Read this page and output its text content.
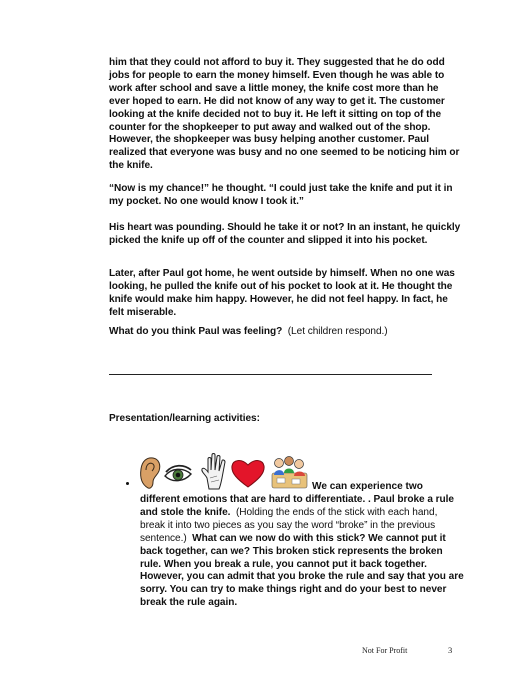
him that they could not afford to buy it. They suggested that he do odd jobs for people to earn the money himself. Even though he was able to work after school and save a little money, the knife cost more than he ever hoped to earn. He did not know of any way to get it. The customer looking at the knife decided not to buy it. He left it sitting on top of the counter for the shopkeeper to put away and walked out of the shop. However, the shopkeeper was busy helping another customer. Paul realized that everyone was busy and no one seemed to be noticing him or the knife.

“Now is my chance!” he thought. “I could just take the knife and put it in my pocket. No one would know I took it.”

His heart was pounding. Should he take it or not? In an instant, he quickly picked the knife up off of the counter and slipped it into his pocket.

Later, after Paul got home, he went outside by himself. When no one was looking, he pulled the knife out of his pocket to look at it. He thought the knife would make him happy. However, he did not feel happy. In fact, he felt miserable.

What do you think Paul was feeling? (Let children respond.)

Presentation/learning activities:

We can experience two

different emotions that are hard to differentiate. . Paul broke a rule and stole the knife. (Holding the ends of the stick with each hand, break it into two pieces as you say the word “broke” in the previous sentence.) What can we now do with this stick? We cannot put it back together, can we? This broken stick represents the broken rule. When you break a rule, you cannot put it back together. However, you can admit that you broke the rule and say that you are sorry. You can try to make things right and do your best to never break the rule again.

Not For Profit	3
